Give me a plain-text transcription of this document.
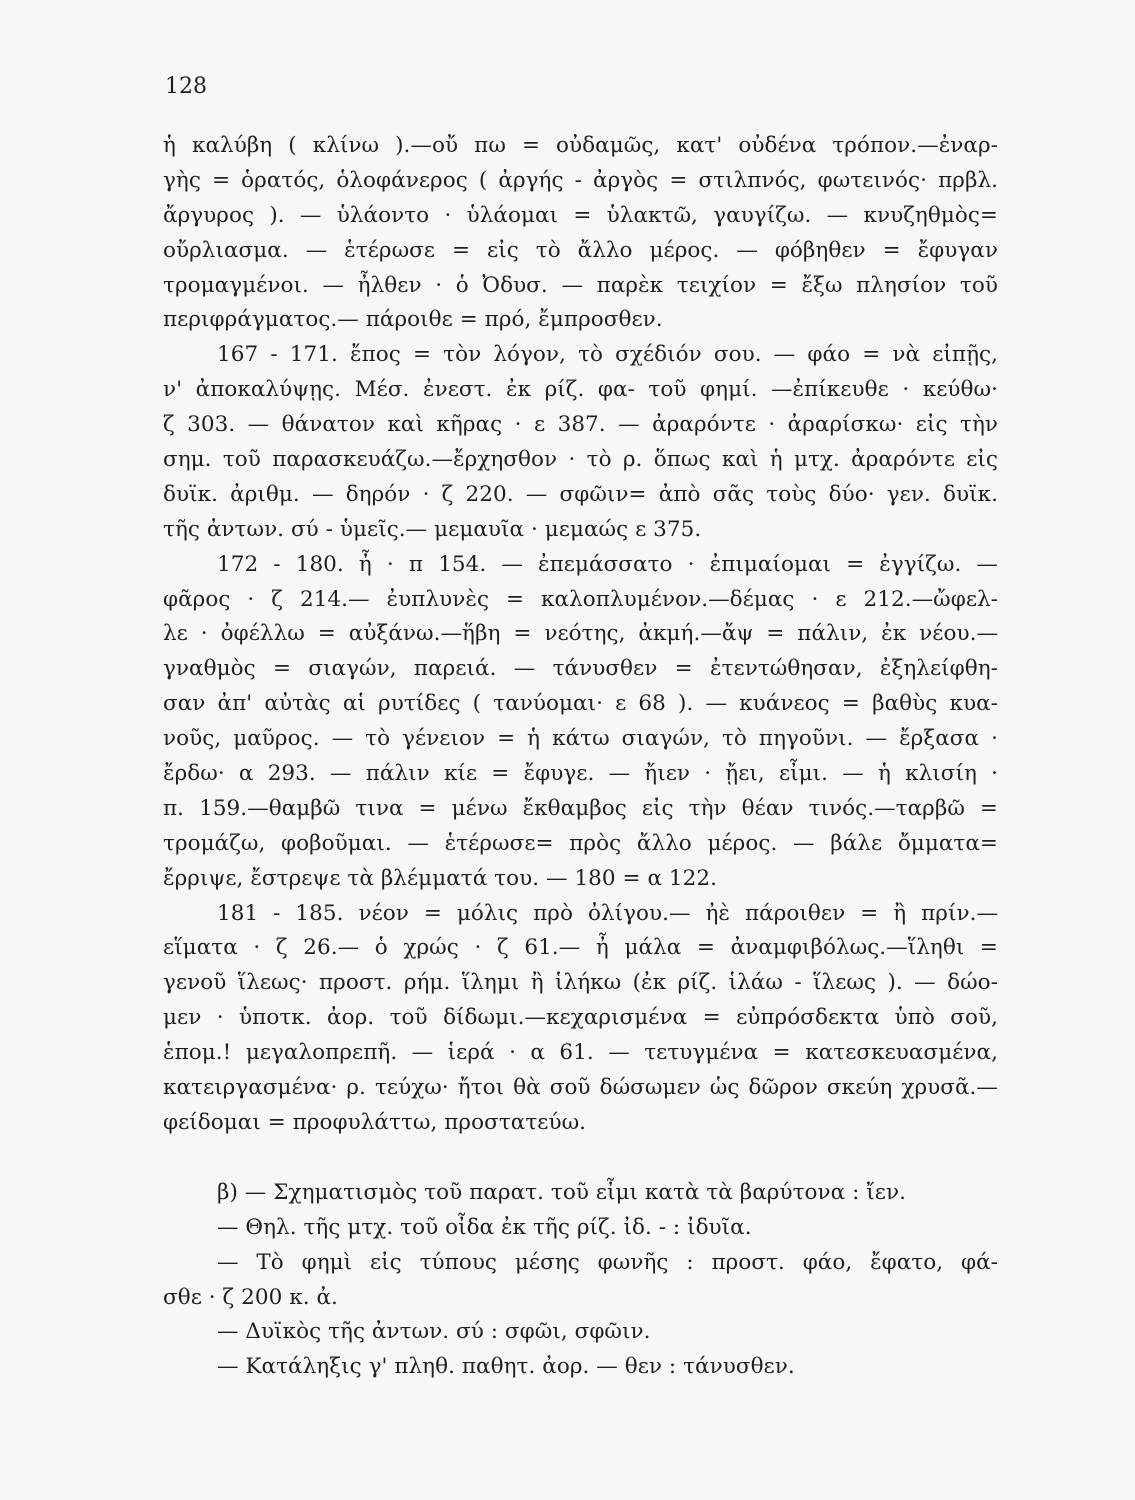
128
ἡ καλύβη ( κλίνω ).—οὔ πω = οὐδαμῶς, κατ' οὐδένα τρόπον.—ἐναρ-
γὴς = ὁρατός, ὁλοφάνερος ( ἀργής - ἀργὸς = στιλπνός, φωτεινός· πρβλ.
ἄργυρος ). — ὑλάοντο · ὑλάομαι = ὑλακτῶ, γαυγίζω. — κνυζηθμὸς=
οὔρλιασμα. — ἑτέρωσε = εἰς τὸ ἄλλο μέρος. — φόβηθεν = ἔφυγαν
τρομαγμένοι. — ἦλθεν · ὁ Ὀδυσ. — παρὲκ τειχίον = ἔξω πλησίον τοῦ
περιφράγματος.— πάροιθε = πρό, ἔμπροσθεν.
167 - 171. ἔπος = τὸν λόγον, τὸ σχέδιόν σου. — φάο = νὰ εἰπῇς,
ν' ἀποκαλύψῃς. Μέσ. ἐνεστ. ἐκ ρίζ. φα- τοῦ φημί. —ἐπίκευθε · κεύθω·
ζ 303. — θάνατον καὶ κῆρας · ε 387. — ἀραρόντε · ἀραρίσκω· εἰς τὴν
σημ. τοῦ παρασκευάζω.—ἔρχησθον · τὸ ρ. ὅπως καὶ ἡ μτχ. ἀραρόντε εἰς
δυϊκ. ἀριθμ. — δηρόν · ζ 220. — σφῶιν= ἀπὸ σᾶς τοὺς δύο· γεν. δυϊκ.
τῆς ἀντων. σύ - ὑμεῖς.— μεμαυῖα · μεμαώς ε 375.
172 - 180. ἦ · π 154. — ἐπεμάσσατο · ἐπιμαίομαι = ἐγγίζω. —
φᾶρος · ζ 214.— ἐυπλυνὲς = καλοπλυμένον.—δέμας · ε 212.—ὤφελ-
λε · ὀφέλλω = αὐξάνω.—ἥβη = νεότης, ἀκμή.—ἄψ = πάλιν, ἐκ νέου.—
γναθμὸς = σιαγών, παρειά. — τάνυσθεν = ἐτεντώθησαν, ἐξηλείφθη-
σαν ἀπ' αὐτὰς αἱ ρυτίδες ( τανύομαι· ε 68 ). — κυάνεος = βαθὺς κυα-
νοῦς, μαῦρος. — τὸ γένειον = ἡ κάτω σιαγών, τὸ πηγοῦνι. — ἔρξασα ·
ἔρδω· α 293. — πάλιν κίε = ἔφυγε. — ἤιεν · ᾔει, εἶμι. — ἡ κλισίη ·
π. 159.—θαμβῶ τινα = μένω ἔκθαμβος εἰς τὴν θέαν τινός.—ταρβῶ =
τρομάζω, φοβοῦμαι. — ἑτέρωσε= πρὸς ἄλλο μέρος. — βάλε ὄμματα=
ἔρριψε, ἔστρεψε τὰ βλέμματά του. — 180 = α 122.
181 - 185. νέον = μόλις πρὸ ὀλίγου.— ἠὲ πάροιθεν = ἢ πρίν.—
εἵματα · ζ 26.— ὁ χρώς · ζ 61.— ἦ μάλα = ἀναμφιβόλως.—ἵληθι =
γενοῦ ἵλεως· προστ. ρήμ. ἵλημι ἢ ἱλήκω (ἐκ ρίζ. ἱλάω - ἵλεως ). — δώο-
μεν · ὑποτκ. ἀορ. τοῦ δίδωμι.—κεχαρισμένα = εὐπρόσδεκτα ὑπὸ σοῦ,
ἑπομ.! μεγαλοπρεπῆ. — ἱερά · α 61. — τετυγμένα = κατεσκευασμένα,
κατειργασμένα· ρ. τεύχω· ἤτοι θὰ σοῦ δώσωμεν ὡς δῶρον σκεύη χρυσᾶ.—
φείδομαι = προφυλάττω, προστατεύω.
β) — Σχηματισμὸς τοῦ παρατ. τοῦ εἶμι κατὰ τὰ βαρύτονα : ἴεν.
— Θηλ. τῆς μτχ. τοῦ οἶδα ἐκ τῆς ρίζ. ἰδ. - : ἰδυῖα.
— Τὸ φημὶ εἰς τύπους μέσης φωνῆς : προστ. φάο, ἔφατο, φά-
σθε · ζ 200 κ. ἀ.
— Δυϊκὸς τῆς ἀντων. σύ : σφῶι, σφῶιν.
— Κατάληξις γ' πληθ. παθητ. ἀορ. — θεν : τάνυσθεν.
